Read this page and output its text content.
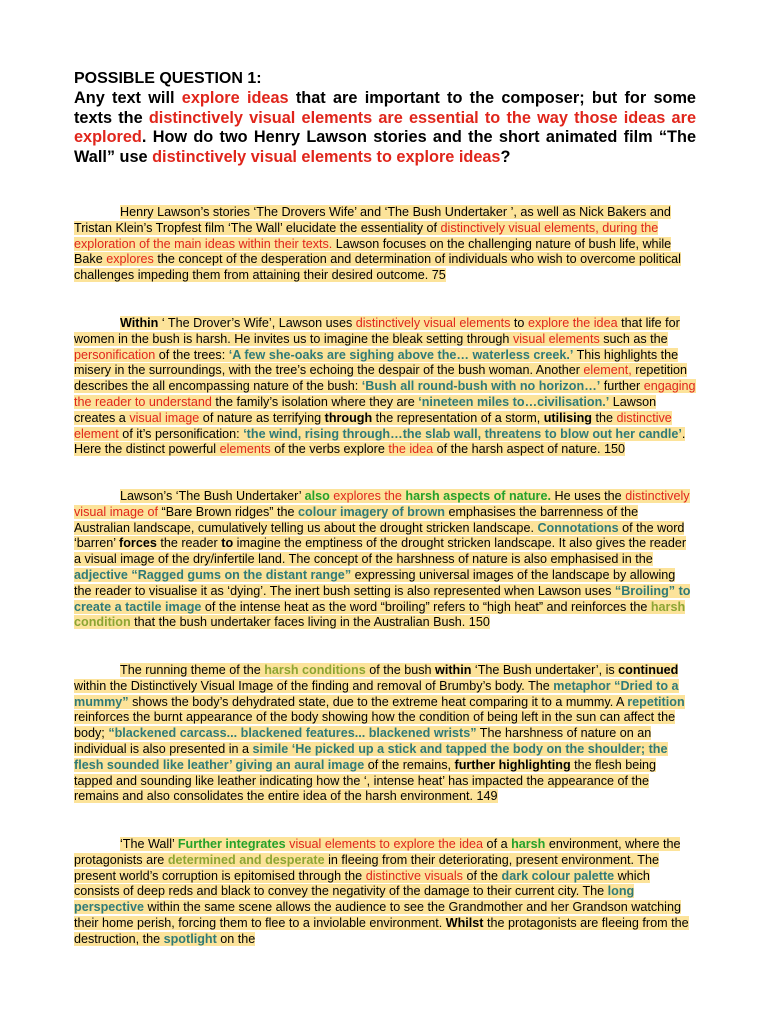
POSSIBLE QUESTION 1:
Any text will explore ideas that are important to the composer; but for some texts the distinctively visual elements are essential to the way those ideas are explored. How do two Henry Lawson stories and the short animated film “The Wall” use distinctively visual elements to explore ideas?

Henry Lawson’s stories ‘The Drovers Wife’ and ‘The Bush Undertaker ’, as well as Nick Bakers and Tristan Klein’s Tropfest film ‘The Wall’ elucidate the essentiality of distinctively visual elements, during the exploration of the main ideas within their texts. Lawson focuses on the challenging nature of bush life, while Bake explores the concept of the desperation and determination of individuals who wish to overcome political challenges impeding them from attaining their desired outcome. 75

Within ‘ The Drover’s Wife’, Lawson uses distinctively visual elements to explore the idea that life for women in the bush is harsh. He invites us to imagine the bleak setting through visual elements such as the personification of the trees: ‘A few she-oaks are sighing above the… waterless creek.’ This highlights the misery in the surroundings, with the tree’s echoing the despair of the bush woman. Another element, repetition describes the all encompassing nature of the bush: ‘Bush all round-bush with no horizon…’ further engaging the reader to understand the family’s isolation where they are ‘nineteen miles to…civilisation.’ Lawson creates a visual image of nature as terrifying through the representation of a storm, utilising the distinctive element of it’s personification: ‘the wind, rising through…the slab wall, threatens to blow out her candle’. Here the distinct powerful elements of the verbs explore the idea of the harsh aspect of nature. 150

Lawson’s ‘The Bush Undertaker’ also explores the harsh aspects of nature. He uses the distinctively visual image of “Bare Brown ridges” the colour imagery of brown emphasises the barrenness of the Australian landscape, cumulatively telling us about the drought stricken landscape. Connotations of the word ‘barren’ forces the reader to imagine the emptiness of the drought stricken landscape. It also gives the reader a visual image of the dry/infertile land. The concept of the harshness of nature is also emphasised in the adjective “Ragged gums on the distant range” expressing universal images of the landscape by allowing the reader to visualise it as ‘dying’. The inert bush setting is also represented when Lawson uses “Broiling” to create a tactile image of the intense heat as the word “broiling” refers to “high heat” and reinforces the harsh condition that the bush undertaker faces living in the Australian Bush. 150

The running theme of the harsh conditions of the bush within ‘The Bush undertaker’, is continued within the Distinctively Visual Image of the finding and removal of Brumby’s body. The metaphor “Dried to a mummy” shows the body’s dehydrated state, due to the extreme heat comparing it to a mummy. A repetition reinforces the burnt appearance of the body showing how the condition of being left in the sun can affect the body; “blackened carcass... blackened features... blackened wrists” The harshness of nature on an individual is also presented in a simile ‘He picked up a stick and tapped the body on the shoulder; the flesh sounded like leather’ giving an aural image of the remains, further highlighting the flesh being tapped and sounding like leather indicating how the ‘, intense heat’ has impacted the appearance of the remains and also consolidates the entire idea of the harsh environment. 149

‘The Wall’ Further integrates visual elements to explore the idea of a harsh environment, where the protagonists are determined and desperate in fleeing from their deteriorating, present environment. The present world’s corruption is epitomised through the distinctive visuals of the dark colour palette which consists of deep reds and black to convey the negativity of the damage to their current city. The long perspective within the same scene allows the audience to see the Grandmother and her Grandson watching their home perish, forcing them to flee to a inviolable environment. Whilst the protagonists are fleeing from the destruction, the spotlight on the
